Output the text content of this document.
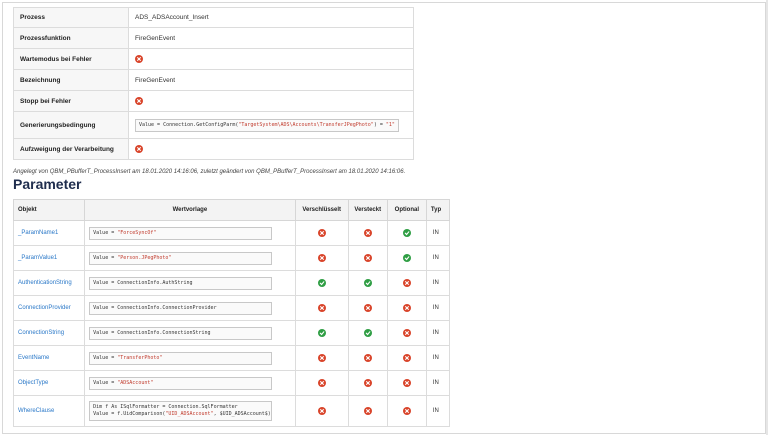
Prozess	ADS_ADSAccount_Insert
Prozessfunktion	FireGenEvent
Wartemodus bei Fehler	
Bezeichnung	FireGenEvent
Stopp bei Fehler	
Generierungsbedingung	Value = Connection.GetConfigParm("TargetSystem\ADS\Accounts\TransferJPegPhoto") = "1"
Aufzweigung der Verarbeitung	
Angelegt von QBM_PBufferT_ProcessInsert am 18.01.2020 14:16:06, zuletzt geändert von QBM_PBufferT_ProcessInsert am 18.01.2020 14:16:06.
Parameter
Objekt	Wertvorlage	Verschlüsselt	Versteckt	Optional	Typ
_ParamName1	Value = "ForceSyncOf"				IN
_ParamValue1	Value = "Person.JPegPhoto"				IN
AuthenticationString	Value = ConnectionInfo.AuthString				IN
ConnectionProvider	Value = ConnectionInfo.ConnectionProvider				IN
ConnectionString	Value = ConnectionInfo.ConnectionString				IN
EventName	Value = "TransferPhoto"				IN
ObjectType	Value = "ADSAccount"				IN
WhereClause	Dim f As ISqlFormatter = Connection.SqlFormatter
Value = f.UidComparison("UID_ADSAccount", $UID_ADSAccount$)				IN
